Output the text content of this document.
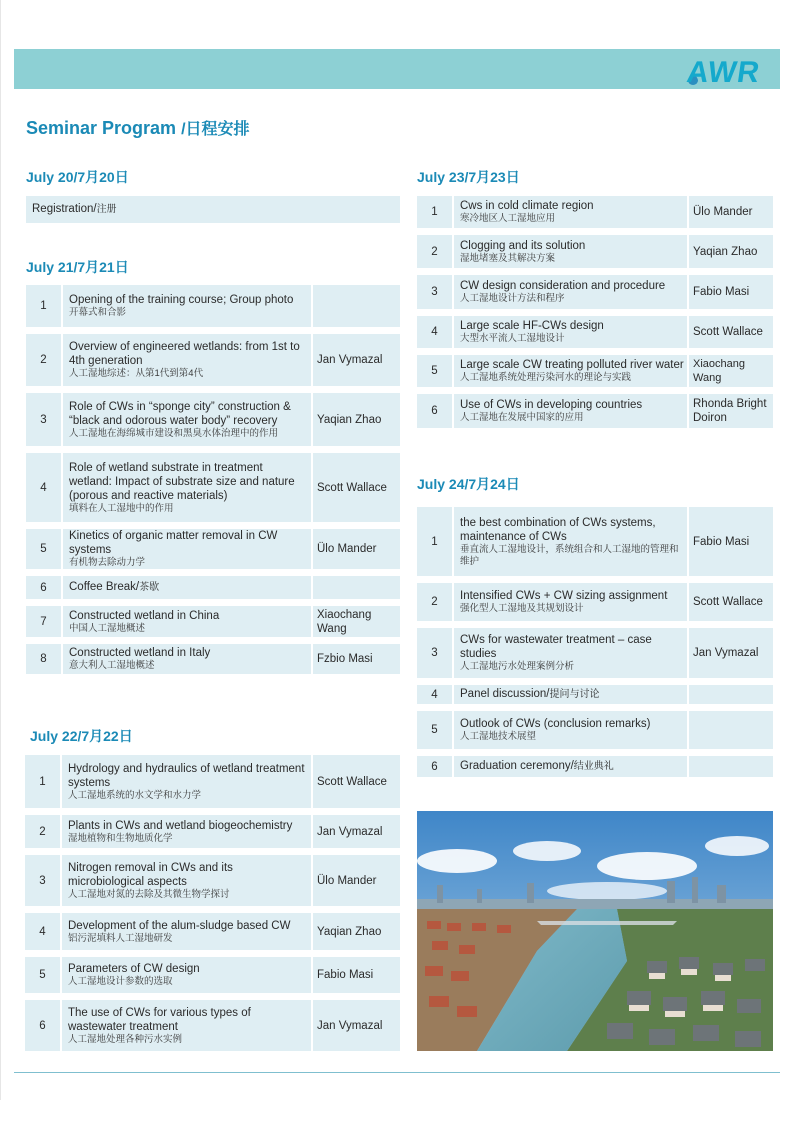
AWR
Seminar Program /日程安排
July 20/7月20日
Registration/注册
July 21/7月21日
1	Opening of the training course; Group photo
开幕式和合影	

2	Overview of engineered wetlands: from 1st to 4th generation
人工湿地综述：从第1代到第4代	Jan Vymazal
3	Role of CWs in “sponge city” construction & “black and odorous water body” recovery
人工湿地在海绵城市建设和黑臭水体治理中的作用	Yaqian Zhao
4	Role of wetland substrate in treatment wetland: Impact of substrate size and nature (porous and reactive materials)
填料在人工湿地中的作用	Scott Wallace
5	Kinetics of organic matter removal in CW systems
有机物去除动力学	Ülo Mander
6	Coffee Break/茶歇	
7	Constructed wetland in China
中国人工湿地概述	Xiaochang Wang
8	Constructed wetland in Italy
意大利人工湿地概述	Fzbio Masi
July 22/7月22日
1	Hydrology and hydraulics of wetland treatment systems
人工湿地系统的水文学和水力学	Scott Wallace
2	Plants in CWs and wetland biogeochemistry
湿地植物和生物地质化学	Jan Vymazal
3	Nitrogen removal in CWs and its microbiological aspects
人工湿地对氮的去除及其微生物学探讨	Ülo Mander
4	Development of the alum-sludge based CW
铝污泥填料人工湿地研发	Yaqian Zhao
5	Parameters of CW design
人工湿地设计参数的选取	Fabio Masi
6	The use of CWs for various types of wastewater treatment
人工湿地处理各种污水实例	Jan Vymazal
July 23/7月23日
1	Cws in cold climate region
寒冷地区人工湿地应用	Ülo Mander
2	Clogging and its solution
湿地堵塞及其解决方案	Yaqian Zhao
3	CW design consideration and procedure
人工湿地设计方法和程序	Fabio Masi
4	Large scale HF-CWs design
大型水平流人工湿地设计	Scott Wallace
5	Large scale CW treating polluted river water
人工湿地系统处理污染河水的理论与实践	Xiaochang Wang
6	Use of CWs in developing countries
人工湿地在发展中国家的应用	Rhonda Bright Doiron
July 24/7月24日
1	the best combination of CWs systems, maintenance of CWs
垂直流人工湿地设计，系统组合和人工湿地的管理和维护	Fabio Masi
2	Intensified CWs + CW sizing assignment
强化型人工湿地及其规划设计	Scott Wallace
3	CWs for wastewater treatment – case studies
人工湿地污水处理案例分析	Jan Vymazal
4	Panel discussion/提问与讨论	
5	Outlook of CWs (conclusion remarks)
人工湿地技术展望	

6	Graduation ceremony/结业典礼	
